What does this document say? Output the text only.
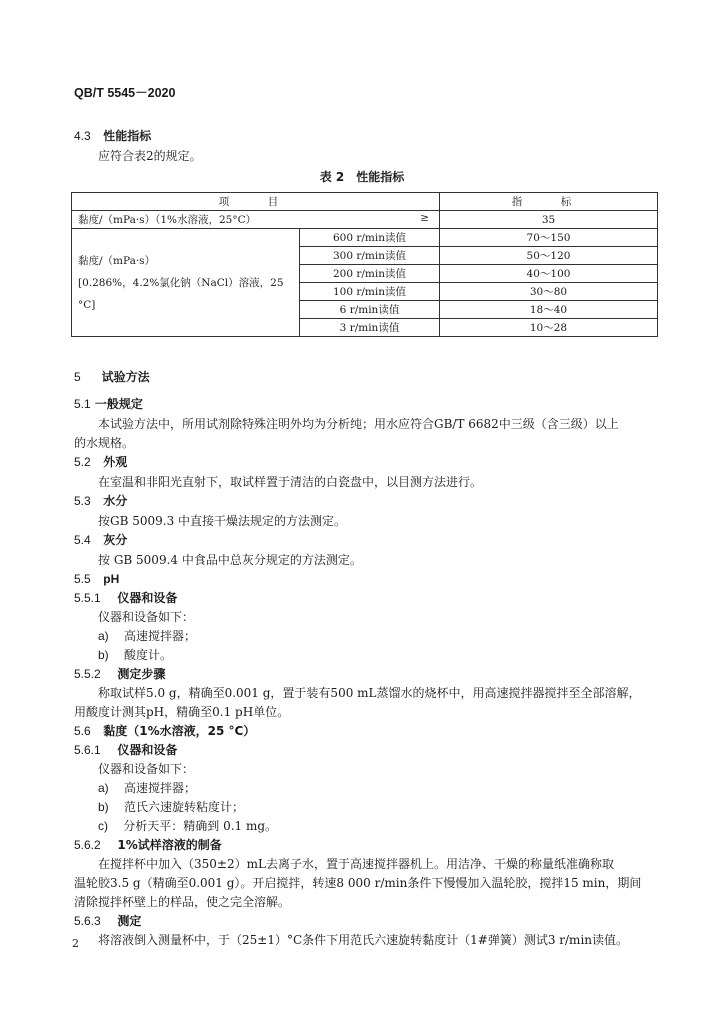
QB/T 5545－2020
4.3 性能指标
应符合表2的规定。
表 2　性能指标
项　目		指　标
黏度/（mPa·s）（1%水溶液，25°C） ≥		35

黏度/（mPa·s）
[0.286%，4.2%氯化钠（NaCl）溶液，25 °C]	600 r/min读值	70～150
	300 r/min读值	50～120
	200 r/min读值	40～100
	100 r/min读值	30～80
	6 r/min读值	18～40
	3 r/min读值	10～28
5 试验方法
5.1 一般规定
本试验方法中，所用试剂除特殊注明外均为分析纯；用水应符合GB/T 6682中三级（含三级）以上
的水规格。
5.2 外观
在室温和非阳光直射下，取试样置于清洁的白瓷盘中，以目测方法进行。
5.3 水分
按GB 5009.3 中直接干燥法规定的方法测定。
5.4 灰分
按 GB 5009.4 中食品中总灰分规定的方法测定。
5.5 pH
5.5.1 仪器和设备
仪器和设备如下：
a) 高速搅拌器；
b) 酸度计。
5.5.2 测定步骤
称取试样5.0 g，精确至0.001 g，置于装有500 mL蒸馏水的烧杯中，用高速搅拌器搅拌至全部溶解，
用酸度计测其pH，精确至0.1 pH单位。
5.6 黏度（1%水溶液，25 °C）
5.6.1 仪器和设备
仪器和设备如下：
a) 高速搅拌器；
b) 范氏六速旋转粘度计；
c) 分析天平：精确到 0.1 mg。
5.6.2 1%试样溶液的制备
在搅拌杯中加入（350±2）mL去离子水，置于高速搅拌器机上。用洁净、干燥的称量纸准确称取
温轮胶3.5 g（精确至0.001 g）。开启搅拌，转速8 000 r/min条件下慢慢加入温轮胶，搅拌15 min，期间
清除搅拌杯壁上的样品，使之完全溶解。
5.6.3 测定
将溶液倒入测量杯中，于（25±1）°C条件下用范氏六速旋转黏度计（1#弹簧）测试3 r/min读值。
2
